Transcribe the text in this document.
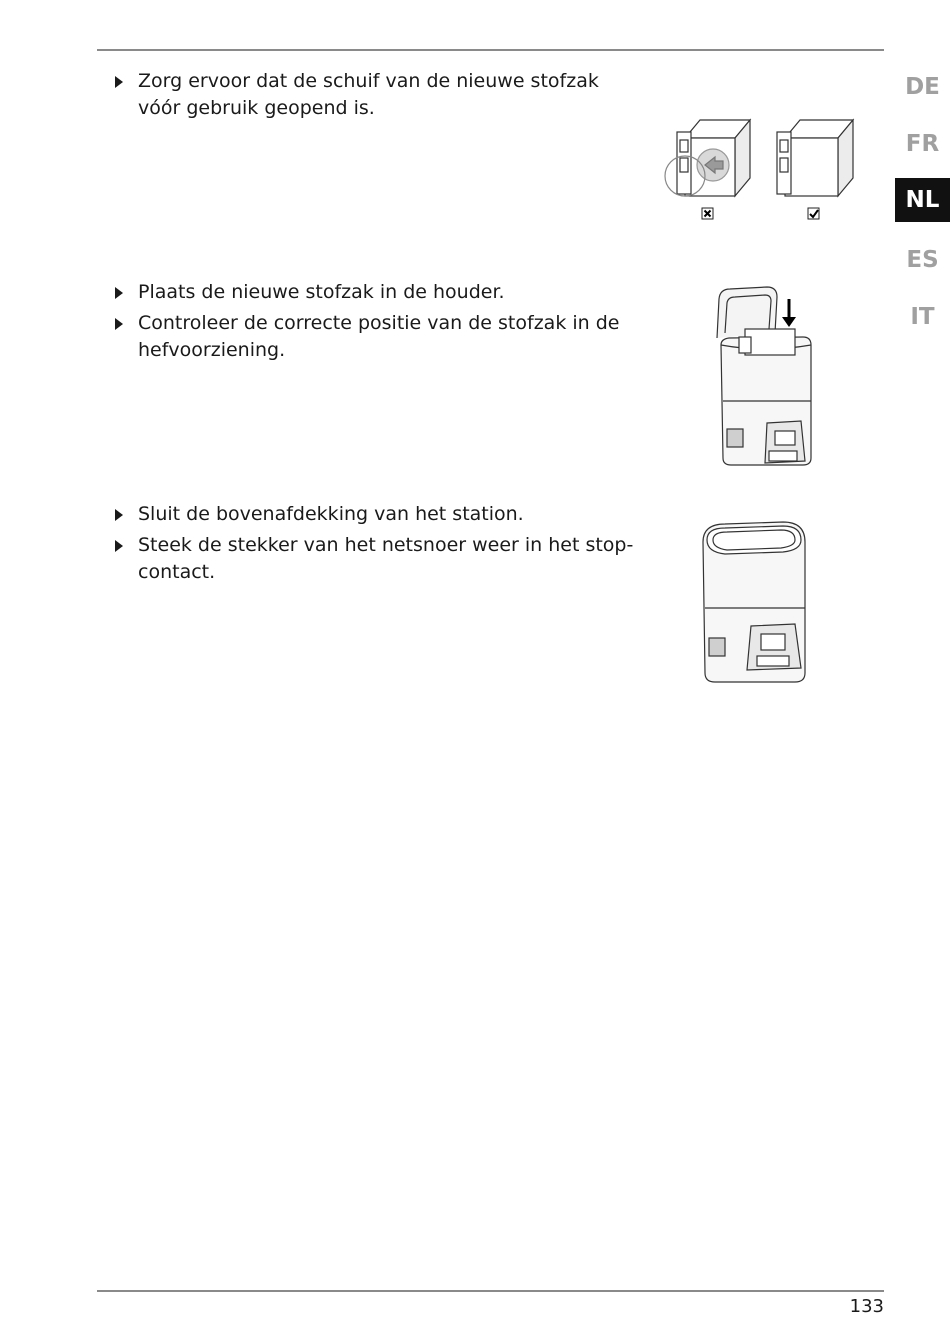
Zorg ervoor dat de schuif van de nieuwe stofzak
vóór gebruik geopend is.
Plaats de nieuwe stofzak in de houder.
Controleer de correcte positie van de stofzak in de
hefvoorziening.
Sluit de bovenafdekking van het station.
Steek de stekker van het netsnoer weer in het stop-
contact.
DE
FR
NL
ES
IT
133
